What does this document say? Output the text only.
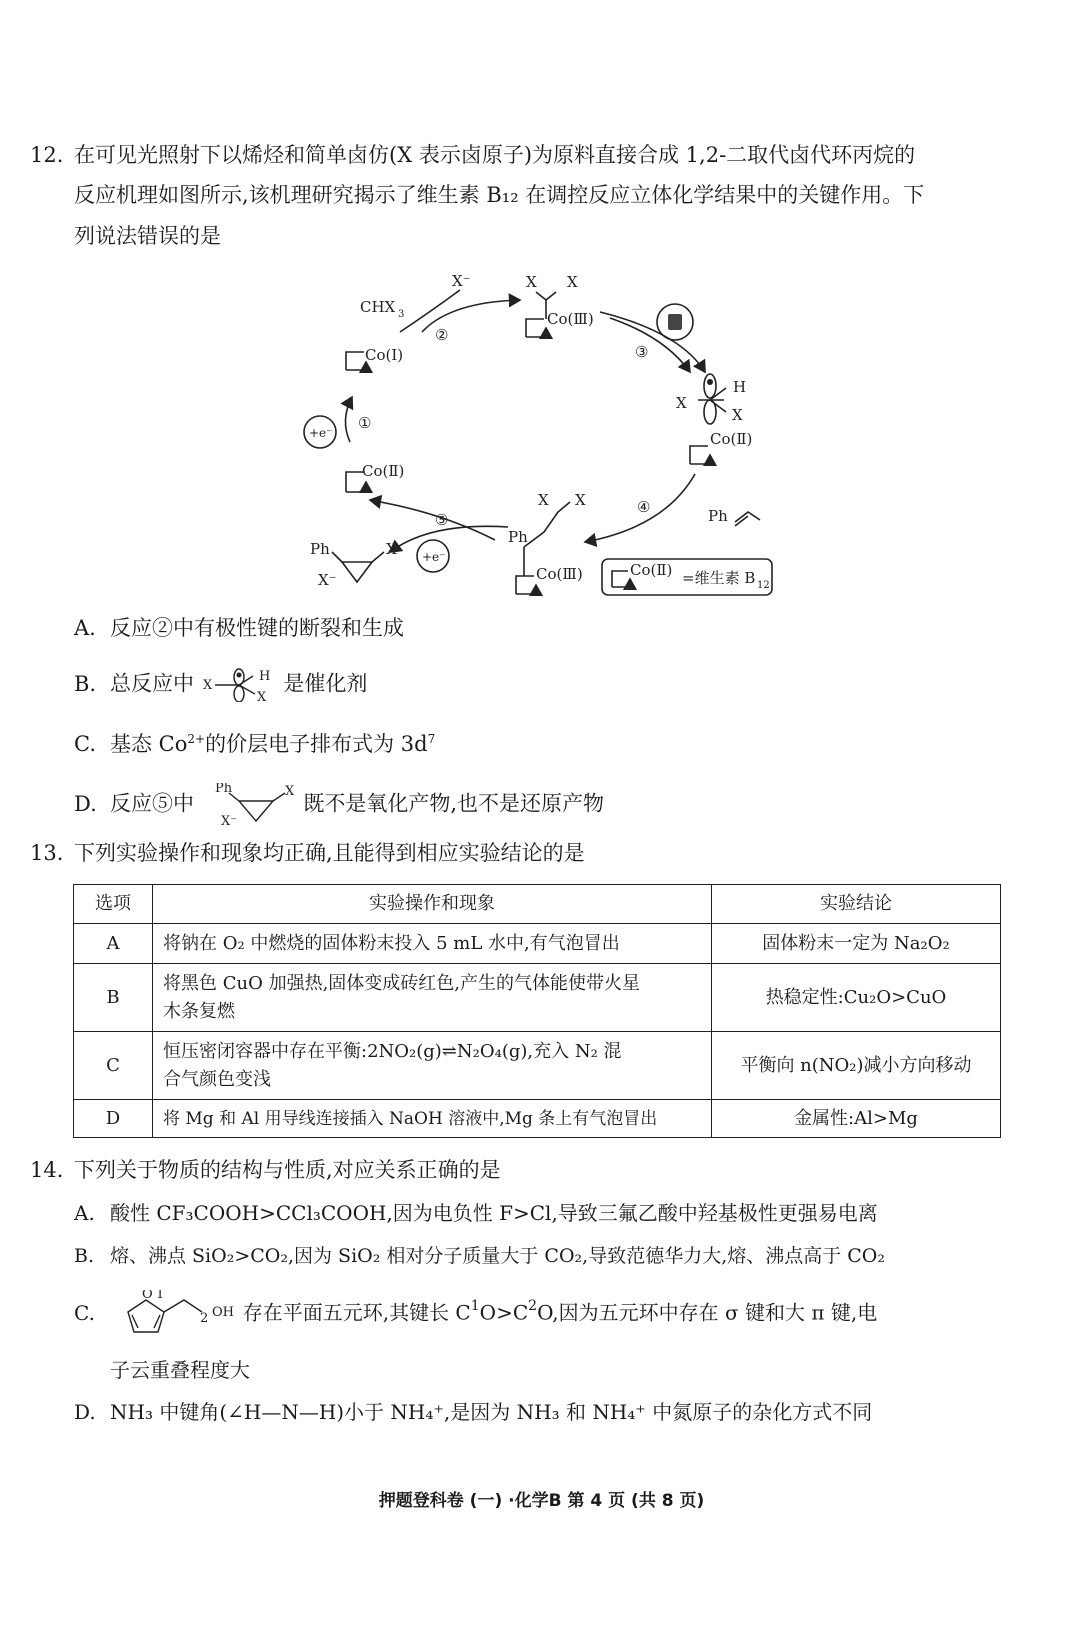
12. 在可见光照射下以烯烃和简单卤仿(X 表示卤原子)为原料直接合成 1,2-二取代卤代环丙烷的
反应机理如图所示,该机理研究揭示了维生素 B₁₂ 在调控反应立体化学结果中的关键作用。下
列说法错误的是
CHX 3
X⁻
②
X X
Co(Ⅲ)
Co(Ⅰ)	③
H
X
X
Co(Ⅱ)
①
+e⁻
Co(Ⅱ)
X X	④	Ph
Ph
⑤
Ph	X +e⁻
X⁻	Co(Ⅲ)	Co(Ⅱ) =维生素 B 12
A. 反应②中有极性键的断裂和生成
B. 总反应中 X
H
X
是催化剂
C. 基态 $Co^{2+}$的价层电子排布式为 $3d^7$
D. 反应⑤中
Ph	X
X⁻
既不是氧化产物,也不是还原产物
13. 下列实验操作和现象均正确,且能得到相应实验结论的是
选项	实验操作和现象	实验结论
A	将钠在 O₂ 中燃烧的固体粉末投入 5 mL 水中,有气泡冒出	固体粉末一定为 Na₂O₂
B	将黑色 CuO 加强热,固体变成砖红色,产生的气体能使带火星
木条复燃	热稳定性:Cu₂O>CuO
C	恒压密闭容器中存在平衡:2NO₂(g)⇌N₂O₄(g),充入 N₂ 混
合气颜色变浅	平衡向 n(NO₂)减小方向移动
D	将 Mg 和 Al 用导线连接插入 NaOH 溶液中,Mg 条上有气泡冒出	金属性:Al>Mg
14. 下列关于物质的结构与性质,对应关系正确的是
A. 酸性 CF₃COOH>CCl₃COOH,因为电负性 F>Cl,导致三氟乙酸中羟基极性更强易电离
B. 熔、沸点 SiO₂>CO₂,因为 SiO₂ 相对分子质量大于 CO₂,导致范德华力大,熔、沸点高于 CO₂
C.
O 1
2 OH 存在平面五元环,其键长 $C^1O>C^2O$,因为五元环中存在 σ 键和大 π 键,电
子云重叠程度大
D. NH₃ 中键角(∠H—N—H)小于 NH₄⁺,是因为 NH₃ 和 NH₄⁺ 中氮原子的杂化方式不同
押题登科卷 (一) ·化学B 第 4 页 (共 8 页)
